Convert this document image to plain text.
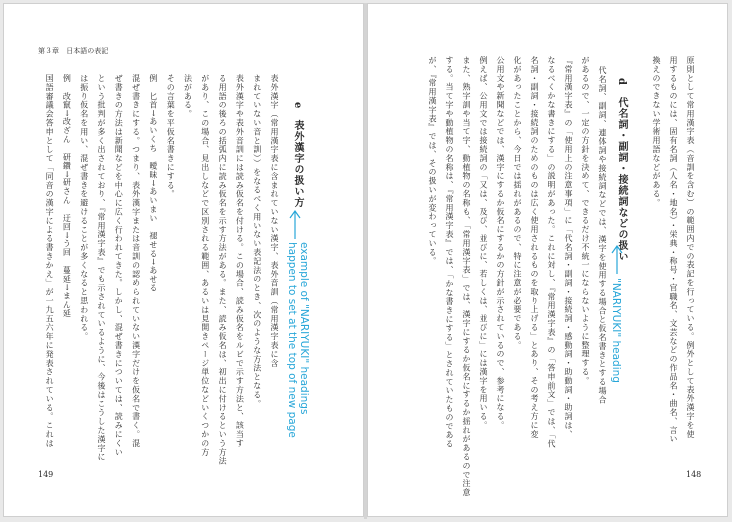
第３章 日本語の表記
e　表外漢字の扱い方
表外漢字（常用漢字表に含まれていない漢字、表外音訓（常用漢字表に含
まれていない音と訓））をなるべく用いない表記法のとき、次のような方法となる。
表外漢字や表外音訓には読み仮名を付ける。この場合、読み仮名をルビで示す方法と、該当す
る用語の後ろの括弧内に読み仮名を示す方法がある。また、読み仮名は、初出に付けるという方法
があり、この場合、見出しなどで区別される範囲、あるいは見開きページ単位などいくつかの方
法がある。
その言葉を平仮名書きにする。
例　匕首→あいくち　曖昧→あいまい　褪せる→あせる
混ぜ書きにする。つまり、表外漢字または音訓の認められていない漢字だけを仮名で書く。混
ぜ書きの方法は新聞などを中心に広く行われてきた。しかし、混ぜ書きについては、読みにくい
という批判が多く出されており、『常用漢字表』でも示されているように、今後はこうした漢字に
は振り仮名を用い、混ぜ書きを避けることが多くなると思われる。
例　改竄→改ざん　研鑽→研さん　迂回→う回　蔓延→まん延
国語審議会答申として「同音の漢字による書きかえ」が一九五六年に発表されている。これは	example of "NARIYUKI" headings
happen to set at the top of new page
149
原則として常用漢字表（音訓を含む）の範囲内での表記を行っている。例外として表外漢字を使
用するものには、固有名詞（人名・地名）・栄典・称号・官職名、文芸などの作品名・曲名、言い
換えのできない学術用語などがある。
代名詞、副詞、連体詞や接続詞などでは、漢字を使用する場合と仮名書きとする場合
があるので、一定の方針を決めて、できるだけ不統一にならないように整理する。
『常用漢字表』の「使用上の注意事項」に「代名詞・副詞・接続詞・感動詞・助動詞・助詞は、
なるべくかな書きにする」の説明があった。これに対し、『常用漢字表』の「答申前文」では、「代
名詞・副詞・接続詞のためのものは広く使用されるものを取り上げる」とあり、その考え方に変
化があったことから、今日では揺れがあるので、特に注意が必要である。
公用文や新聞などでは、漢字にするか仮名にするかの方針が示されているので、参考になる。
例えば、公用文では接続詞の「又は、及び、並びに、若しくは、並びに」には漢字を用いる。
また、熟字訓や当て字、動植物の名称も、「常用漢字表」では、漢字にするか仮名にするか揺れがあるので注意
する。当て字や動植物の名称は、『常用漢字表』では、「かな書きにする」とされていたものである
が、『常用漢字表』では、その扱いが変わっている。	d　代名詞・副詞・接続詞などの扱い
"NARIYUKI" heading
148
